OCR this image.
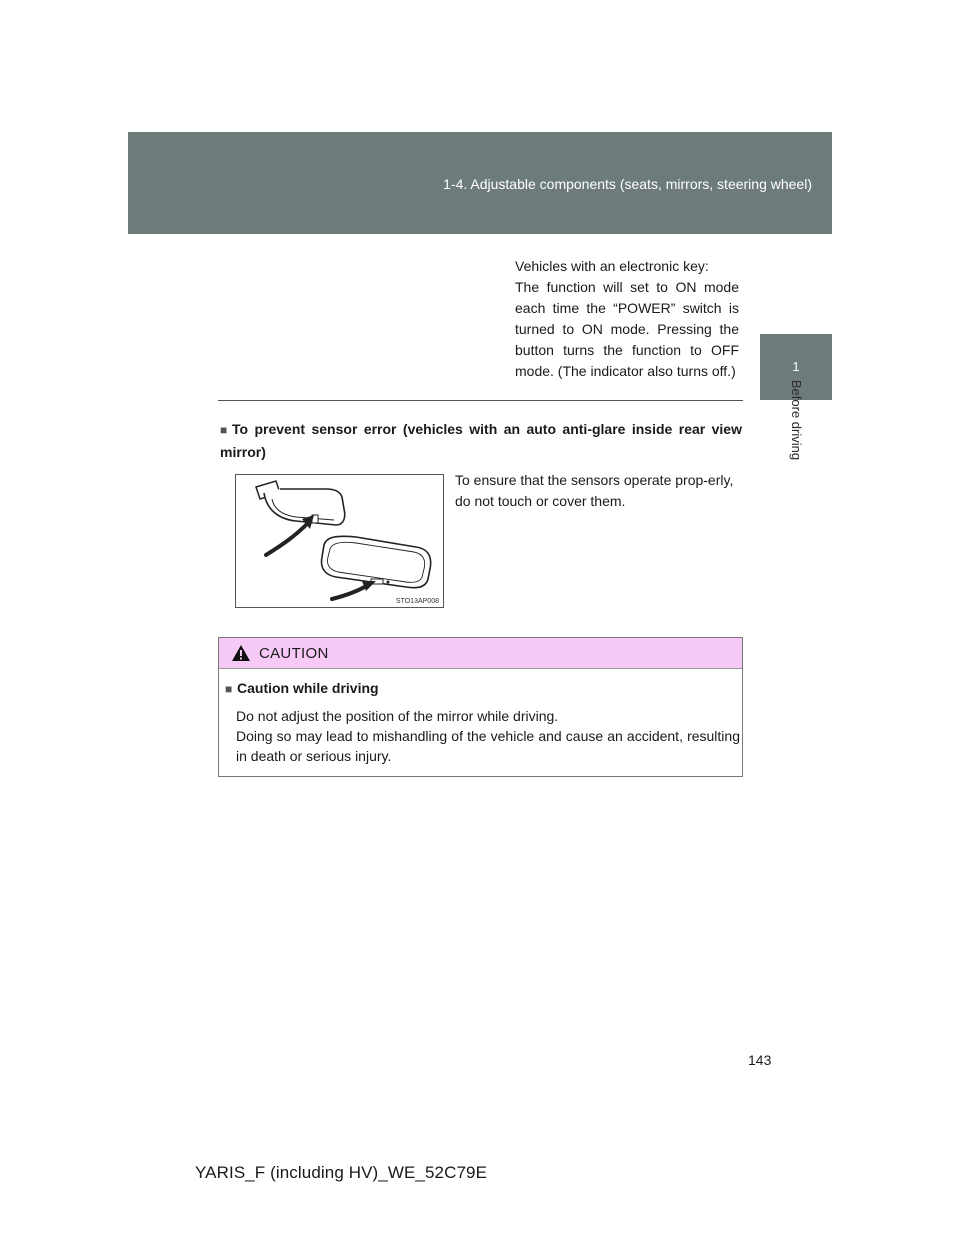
1-4. Adjustable components (seats, mirrors, steering wheel)
1
Before driving

Vehicles with an electronic key:

The function will set to ON mode each time the “POWER” switch is turned to ON mode. Pressing the button turns the function to OFF mode. (The indicator also turns off.)

■ To prevent sensor error (vehicles with an auto anti-glare inside rear view mirror)
To ensure that the sensors operate prop-erly, do not touch or cover them.
STO13AP008
CAUTION
■ Caution while driving

Do not adjust the position of the mirror while driving.

Doing so may lead to mishandling of the vehicle and cause an accident, resulting in death or serious injury.

143
YARIS_F (including HV)_WE_52C79E
